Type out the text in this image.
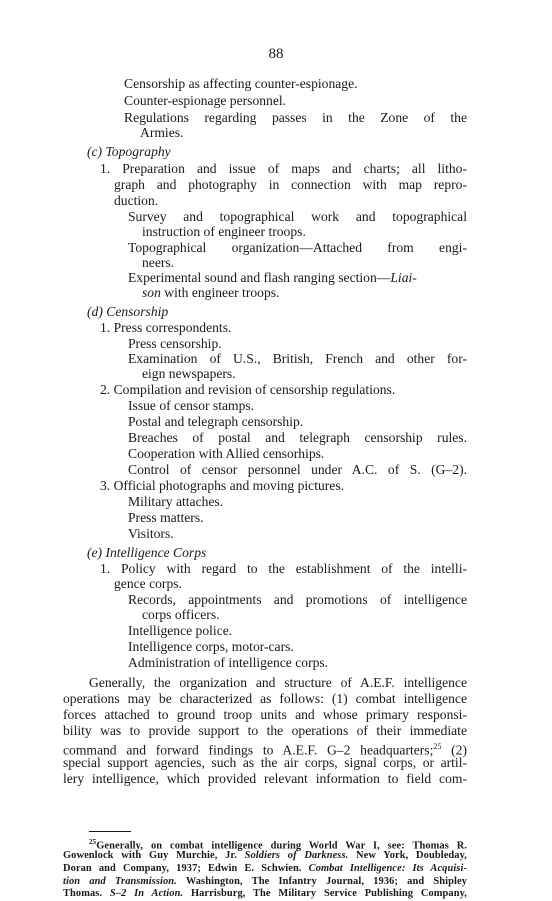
88
Censorship as affecting counter-espionage.
Counter-espionage personnel.
Regulations regarding passes in the Zone of the
Armies.
(c) Topography
1. Preparation and issue of maps and charts; all litho-
graph and photography in connection with map repro-
duction.
Survey and topographical work and topographical
instruction of engineer troops.
Topographical organization—Attached from engi-
neers.
Experimental sound and flash ranging section—Liai-
son with engineer troops.
(d) Censorship
1. Press correspondents.
Press censorship.
Examination of U.S., British, French and other for-
eign newspapers.
2. Compilation and revision of censorship regulations.
Issue of censor stamps.
Postal and telegraph censorship.
Breaches of postal and telegraph censorship rules.
Cooperation with Allied censorhips.
Control of censor personnel under A.C. of S. (G–2).
3. Official photographs and moving pictures.
Military attaches.
Press matters.
Visitors.
(e) Intelligence Corps
1. Policy with regard to the establishment of the intelli-
gence corps.
Records, appointments and promotions of intelligence
corps officers.
Intelligence police.
Intelligence corps, motor-cars.
Administration of intelligence corps.
Generally, the organization and structure of A.E.F. intelligence
operations may be characterized as follows: (1) combat intelligence
forces attached to ground troop units and whose primary responsi-
bility was to provide support to the operations of their immediate
command and forward findings to A.E.F. G–2 headquarters;$^{25}$ (2)
special support agencies, such as the air corps, signal corps, or artil-
lery intelligence, which provided relevant information to field com-
$^{25}$Generally, on combat intelligence during World War I, see: Thomas R.
Gowenlock with Guy Murchie, Jr. Soldiers of Darkness. New York, Doubleday,
Doran and Company, 1937; Edwin E. Schwien. Combat Intelligence: Its Acquisi-
tion and Transmission. Washington, The Infantry Journal, 1936; and Shipley
Thomas. S–2 In Action. Harrisburg, The Military Service Publishing Company,
